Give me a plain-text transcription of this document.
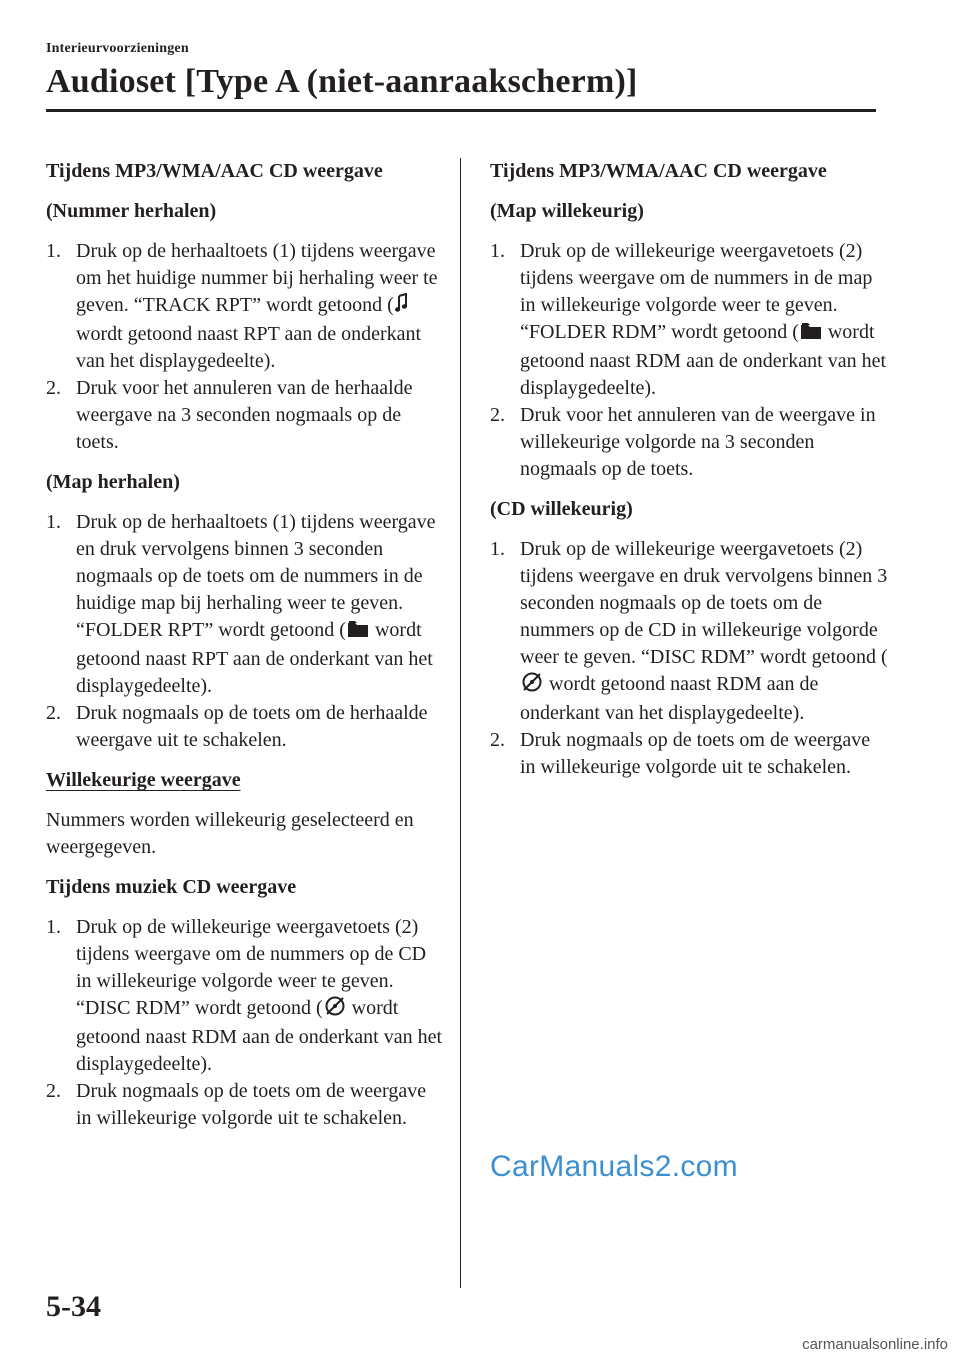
Interieurvoorzieningen
Audioset [Type A (niet-aanraakscherm)]
Tijdens MP3/WMA/AAC CD weergave
(Nummer herhalen)
1. Druk op de herhaaltoets (1) tijdens weergave om het huidige nummer bij herhaling weer te geven. “TRACK RPT” wordt getoond (wordt getoond naast RPT aan de onderkant van het displaygedeelte).
2. Druk voor het annuleren van de herhaalde weergave na 3 seconden nogmaals op de toets.
(Map herhalen)
1. Druk op de herhaaltoets (1) tijdens weergave en druk vervolgens binnen 3 seconden nogmaals op de toets om de nummers in de huidige map bij herhaling weer te geven. “FOLDER RPT” wordt getoond ( wordt getoond naast RPT aan de onderkant van het displaygedeelte).
2. Druk nogmaals op de toets om de herhaalde weergave uit te schakelen.
Willekeurige weergave
Nummers worden willekeurig geselecteerd en weergegeven.
Tijdens muziek CD weergave
1. Druk op de willekeurige weergavetoets (2) tijdens weergave om de nummers op de CD in willekeurige volgorde weer te geven. “DISC RDM” wordt getoond ( wordt getoond naast RDM aan de onderkant van het displaygedeelte).
2. Druk nogmaals op de toets om de weergave in willekeurige volgorde uit te schakelen.
Tijdens MP3/WMA/AAC CD weergave
(Map willekeurig)
1. Druk op de willekeurige weergavetoets (2) tijdens weergave om de nummers in de map in willekeurige volgorde weer te geven. “FOLDER RDM” wordt getoond ( wordt getoond naast RDM aan de onderkant van het displaygedeelte).
2. Druk voor het annuleren van de weergave in willekeurige volgorde na 3 seconden nogmaals op de toets.
(CD willekeurig)
1. Druk op de willekeurige weergavetoets (2) tijdens weergave en druk vervolgens binnen 3 seconden nogmaals op de toets om de nummers op de CD in willekeurige volgorde weer te geven. “DISC RDM” wordt getoond ( wordt getoond naast RDM aan de onderkant van het displaygedeelte).
2. Druk nogmaals op de toets om de weergave in willekeurige volgorde uit te schakelen.
CarManuals2.com
5-34
carmanualsonline.info
